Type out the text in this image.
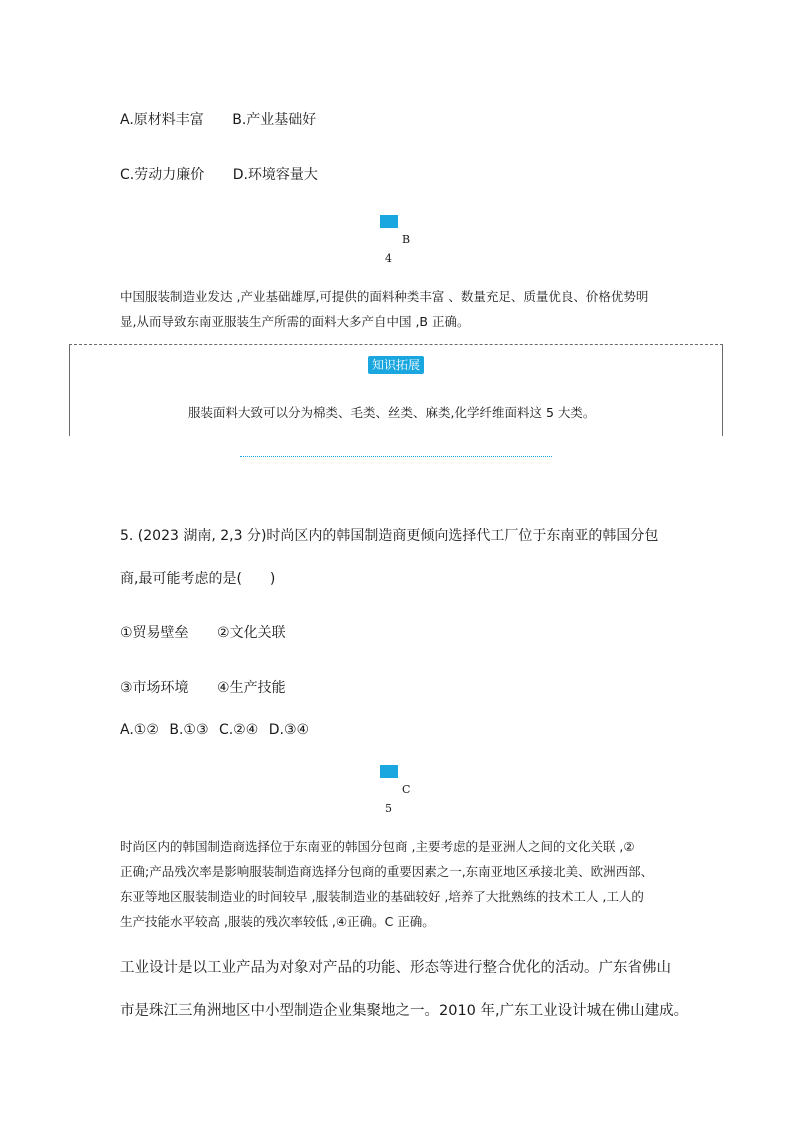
A.原材料丰富 B.产业基础好
C.劳动力廉价 D.环境容量大
B
4

中国服装制造业发达 ,产业基础雄厚,可提供的面料种类丰富 、数量充足、质量优良、价格优势明

显,从而导致东南亚服装生产所需的面料大多产自中国 ,B 正确。

知识拓展
服装面料大致可以分为棉类、毛类、丝类、麻类,化学纤维面料这 5 大类。
5. (2023 湖南, 2,3 分)时尚区内的韩国制造商更倾向选择代工厂位于东南亚的韩国分包
商,最可能考虑的是(　　)
①贸易壁垒 ②文化关联
③市场环境 ④生产技能
A.①② B.①③ C.②④ D.③④
C
5

时尚区内的韩国制造商选择位于东南亚的韩国分包商 ,主要考虑的是亚洲人之间的文化关联 ,②

正确;产品残次率是影响服装制造商选择分包商的重要因素之一,东南亚地区承接北美、欧洲西部、

东亚等地区服装制造业的时间较早 ,服装制造业的基础较好 ,培养了大批熟练的技术工人 ,工人的

生产技能水平较高 ,服装的残次率较低 ,④正确。C 正确。

工业设计是以工业产品为对象对产品的功能、形态等进行整合优化的活动。广东省佛山
市是珠江三角洲地区中小型制造企业集聚地之一。2010 年,广东工业设计城在佛山建成。
